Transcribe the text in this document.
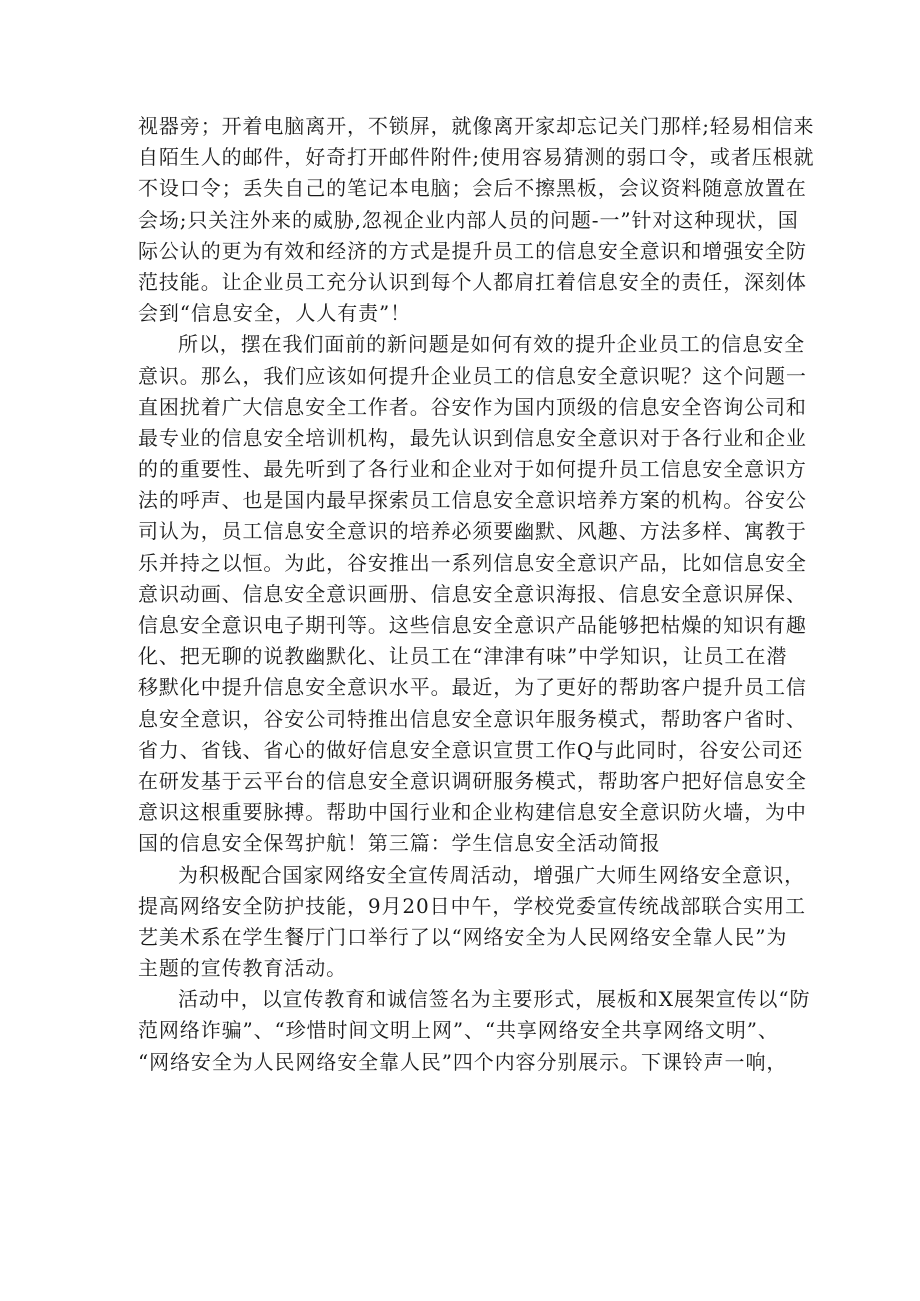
视器旁；开着电脑离开，不锁屏，就像离开家却忘记关门那样;轻易相信来
自陌生人的邮件，好奇打开邮件附件;使用容易猜测的弱口令，或者压根就
不设口令；丢失自己的笔记本电脑；会后不擦黑板，会议资料随意放置在
会场;只关注外来的威胁,忽视企业内部人员的问题-一”针对这种现状，国
际公认的更为有效和经济的方式是提升员工的信息安全意识和增强安全防
范技能。让企业员工充分认识到每个人都肩扛着信息安全的责任，深刻体
会到“信息安全，人人有责”！
所以，摆在我们面前的新问题是如何有效的提升企业员工的信息安全
意识。那么，我们应该如何提升企业员工的信息安全意识呢？这个问题一
直困扰着广大信息安全工作者。谷安作为国内顶级的信息安全咨询公司和
最专业的信息安全培训机构，最先认识到信息安全意识对于各行业和企业
的的重要性、最先听到了各行业和企业对于如何提升员工信息安全意识方
法的呼声、也是国内最早探索员工信息安全意识培养方案的机构。谷安公
司认为，员工信息安全意识的培养必须要幽默、风趣、方法多样、寓教于
乐并持之以恒。为此，谷安推出一系列信息安全意识产品，比如信息安全
意识动画、信息安全意识画册、信息安全意识海报、信息安全意识屏保、
信息安全意识电子期刊等。这些信息安全意识产品能够把枯燥的知识有趣
化、把无聊的说教幽默化、让员工在“津津有味”中学知识，让员工在潜
移默化中提升信息安全意识水平。最近，为了更好的帮助客户提升员工信
息安全意识，谷安公司特推出信息安全意识年服务模式，帮助客户省时、
省力、省钱、省心的做好信息安全意识宣贯工作Q与此同时，谷安公司还
在研发基于云平台的信息安全意识调研服务模式，帮助客户把好信息安全
意识这根重要脉搏。帮助中国行业和企业构建信息安全意识防火墙，为中
国的信息安全保驾护航！第三篇：学生信息安全活动简报
为积极配合国家网络安全宣传周活动，增强广大师生网络安全意识，
提高网络安全防护技能，9月20日中午，学校党委宣传统战部联合实用工
艺美术系在学生餐厅门口举行了以“网络安全为人民网络安全靠人民”为
主题的宣传教育活动。
活动中，以宣传教育和诚信签名为主要形式，展板和X展架宣传以“防
范网络诈骗”、“珍惜时间文明上网”、“共享网络安全共享网络文明”、
“网络安全为人民网络安全靠人民”四个内容分别展示。下课铃声一响，
